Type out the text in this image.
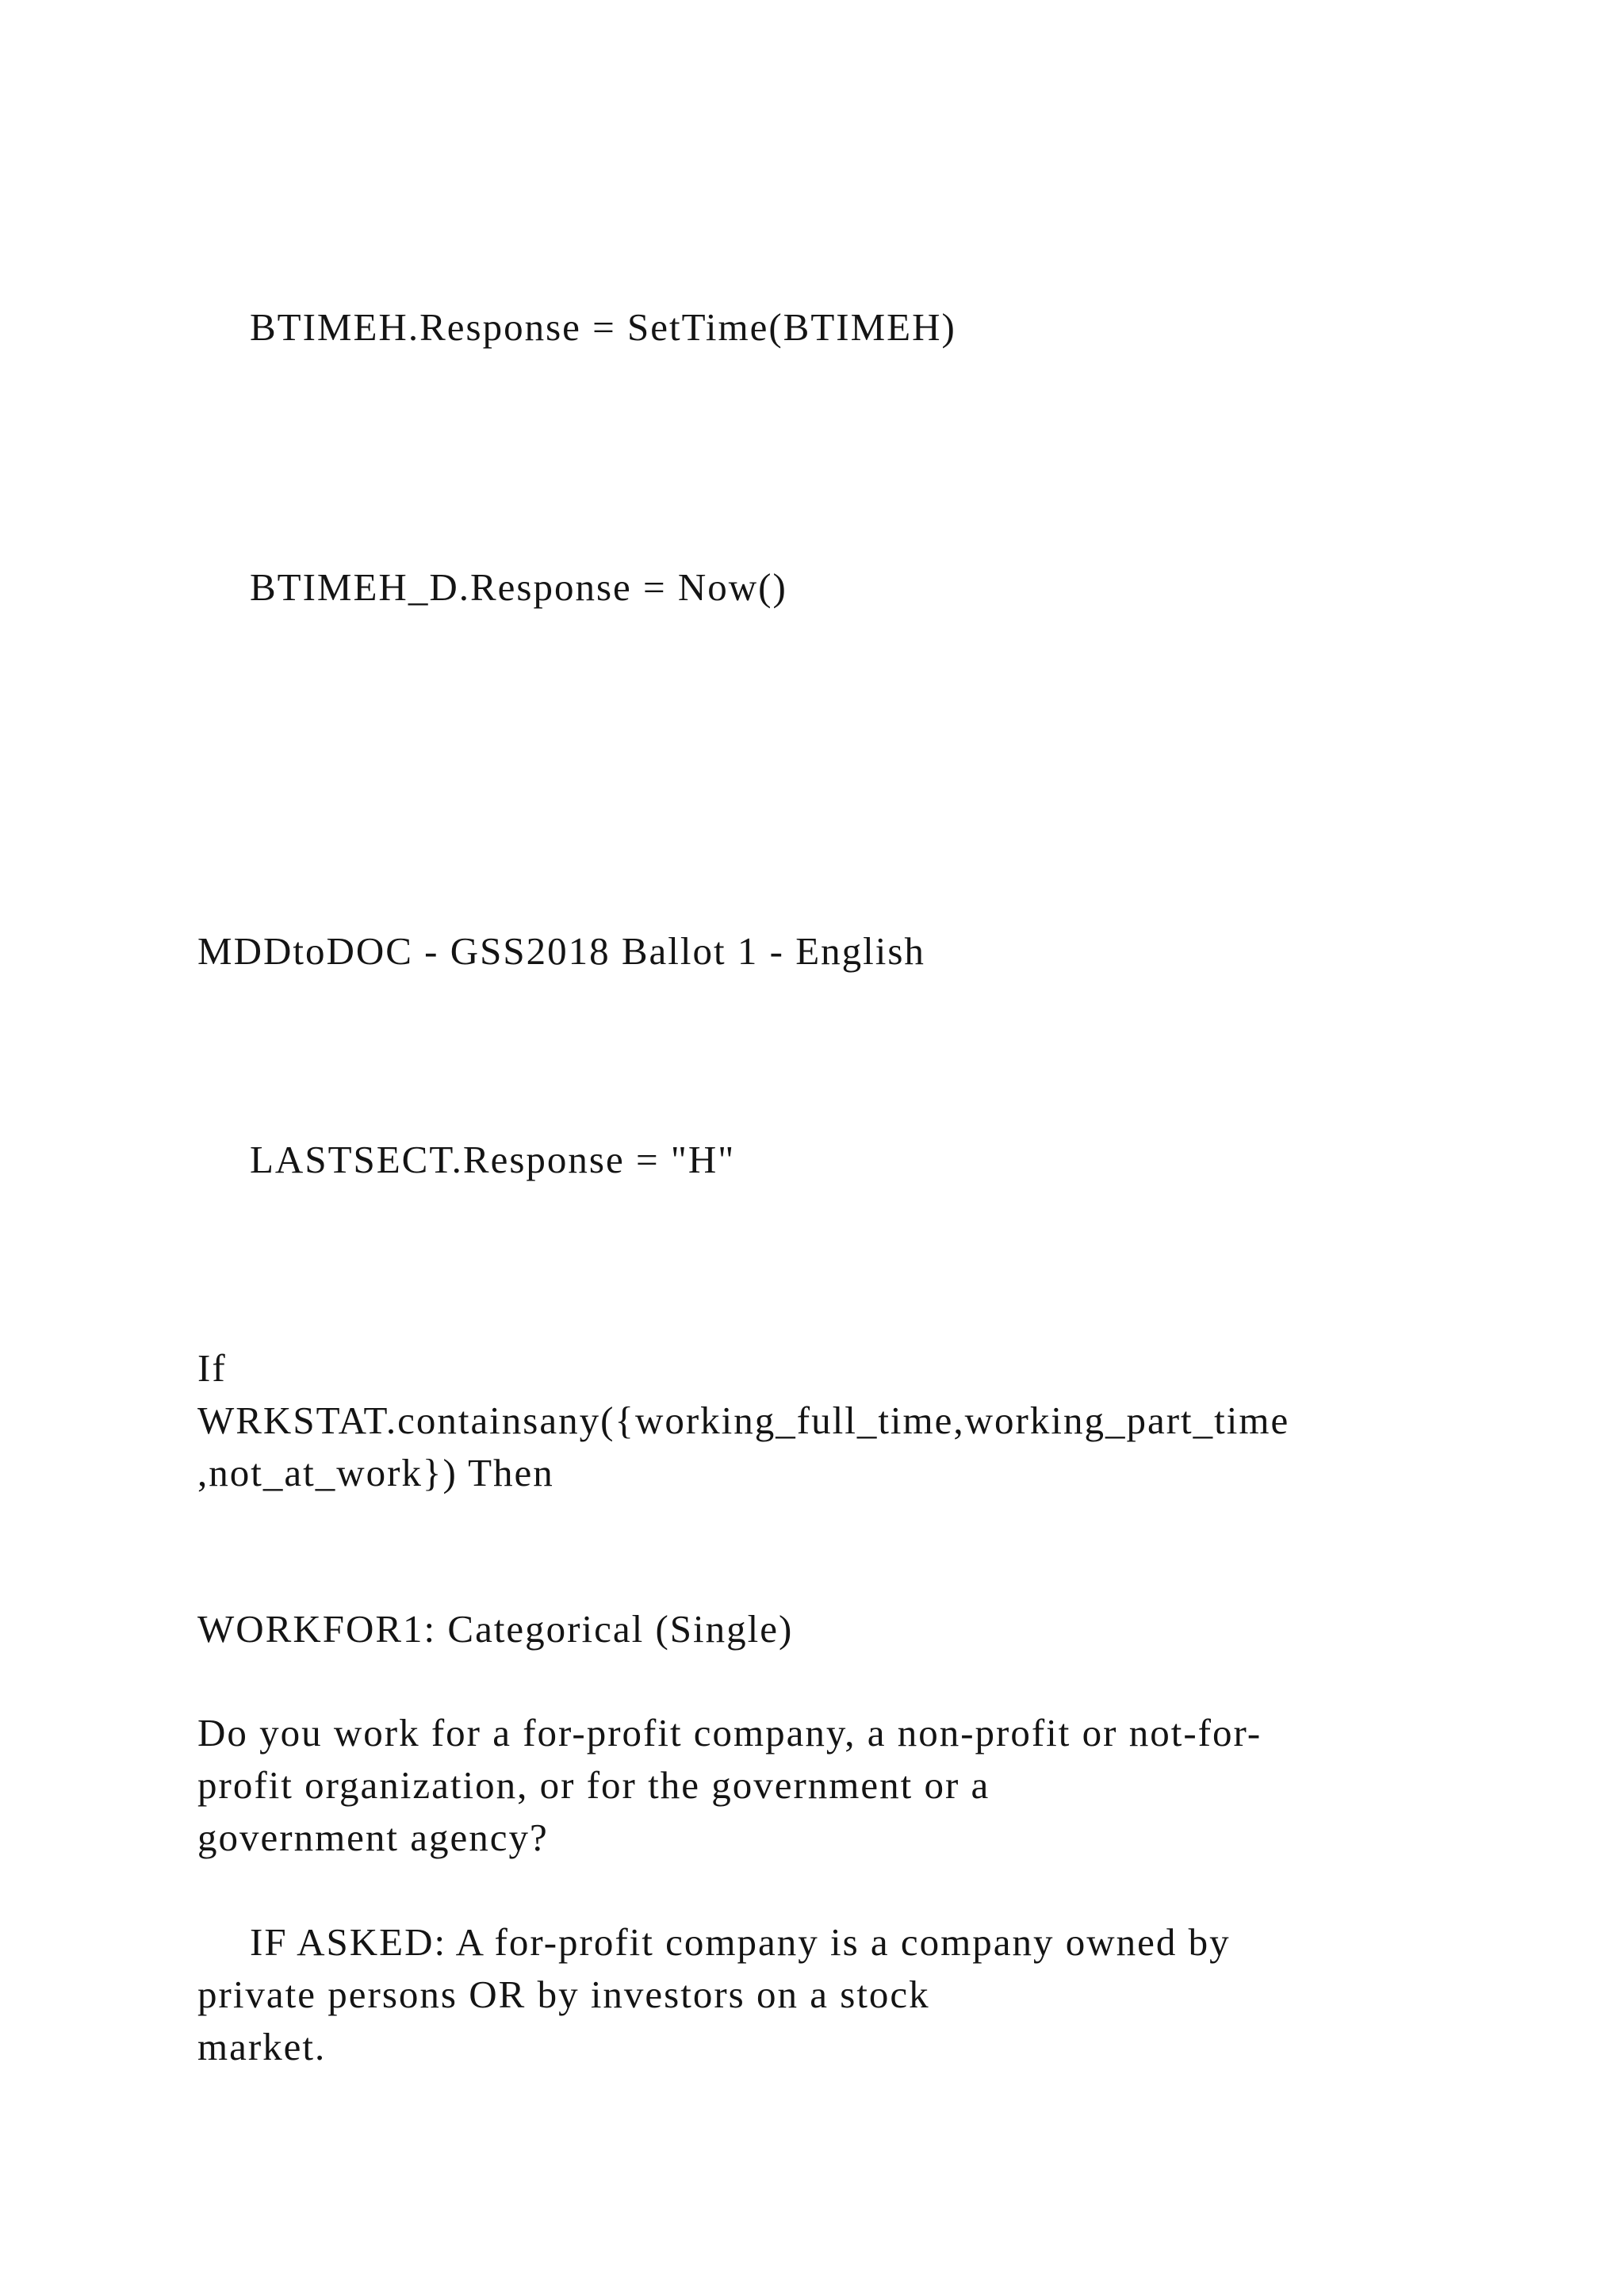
BTIMEH.Response = SetTime(BTIMEH)

BTIMEH_D.Response = Now()

MDDtoDOC - GSS2018 Ballot 1 - English

LASTSECT.Response = "H"

If

WRKSTAT.containsany({working_full_time,working_part_time

,not_at_work}) Then

WORKFOR1: Categorical (Single)

Do you work for a for-profit company, a non-profit or not-for-

profit organization, or for the government or a

government agency?

IF ASKED: A for-profit company is a company owned by

private persons OR by investors on a stock

market.
